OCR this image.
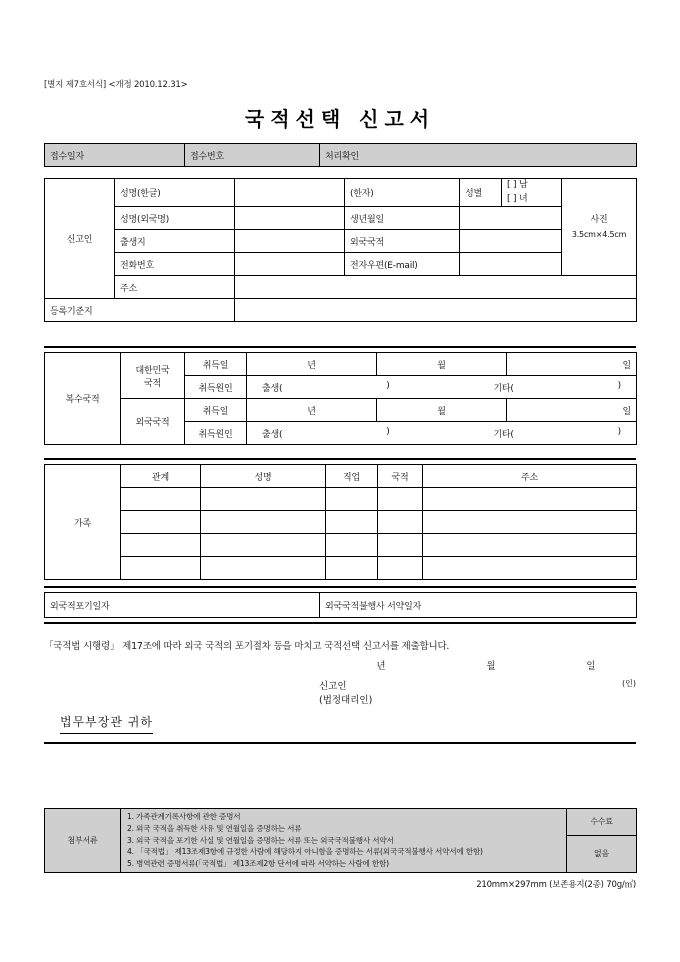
[별지 제7호서식] <개정 2010.12.31>
국적선택 신고서
접수일자	접수번호	처리확인
신고인	성명(한글)		(한자)	성별	
[ ] 남
[ ] 녀

사진
3.5cm×4.5cm

	성명(외국명)		생년월일			
	출생지		외국국적			
	전화번호		전자우편(E-mail)			
	주소					
등록기준지						
복수국적	대한민국
국적	취득일	년	월	일
		취득원인	출생( ) 기타( )		

	외국국적	취득일	년	월	일
		취득원인	출생( ) 기타( )		
가족	관계	성명	직업	국적	주소

외국적포기일자	외국국적불행사 서약일자
「국적법 시행령」 제17조에 따라 외국 국적의 포기절차 등을 마치고 국적선택 신고서를 제출합니다.
년	월	일
신고인	(인)
(법정대리인)
법무부장관 귀하
첨부서류	
1. 가족관계기록사항에 관한 증명서
2. 외국 국적을 취득한 사유 및 연월일을 증명하는 서류
3. 외국 국적을 포기한 사실 및 연월일을 증명하는 서류 또는 외국국적불행사 서약서
4. 「국적법」 제13조제3항에 규정한 사람에 해당하지 아니함을 증명하는 서류(외국국적불행사 서약서에 한함)
5. 병역관련 증명서류(「국적법」 제13조제2항 단서에 따라 서약하는 사람에 한함)
	수수료
없음
210mm×297mm (보존용지(2종) 70g/㎡)
